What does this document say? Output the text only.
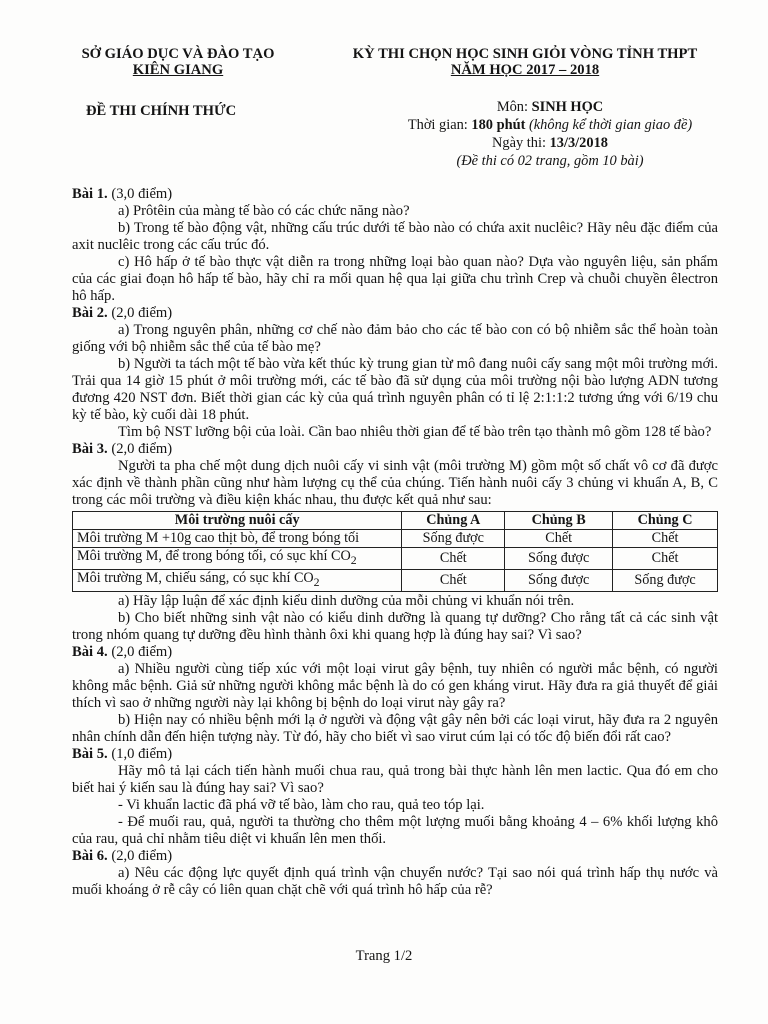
SỞ GIÁO DỤC VÀ ĐÀO TẠO
KIÊN GIANG
KỲ THI CHỌN HỌC SINH GIỎI VÒNG TỈNH THPT
NĂM HỌC 2017 – 2018
ĐỀ THI CHÍNH THỨC	Môn: SINH HỌC
Thời gian: 180 phút (không kể thời gian giao đề)
Ngày thi: 13/3/2018
(Đề thi có 02 trang, gồm 10 bài)

Bài 1. (3,0 điểm)

a) Prôtêin của màng tế bào có các chức năng nào?

b) Trong tế bào động vật, những cấu trúc dưới tế bào nào có chứa axit nuclêic? Hãy nêu đặc điểm của axit nuclêic trong các cấu trúc đó.

c) Hô hấp ở tế bào thực vật diễn ra trong những loại bào quan nào? Dựa vào nguyên liệu, sản phẩm của các giai đoạn hô hấp tế bào, hãy chỉ ra mối quan hệ qua lại giữa chu trình Crep và chuỗi chuyền êlectron hô hấp.

Bài 2. (2,0 điểm)

a) Trong nguyên phân, những cơ chế nào đảm bảo cho các tế bào con có bộ nhiễm sắc thể hoàn toàn giống với bộ nhiễm sắc thể của tế bào mẹ?

b) Người ta tách một tế bào vừa kết thúc kỳ trung gian từ mô đang nuôi cấy sang một môi trường mới. Trải qua 14 giờ 15 phút ở môi trường mới, các tế bào đã sử dụng của môi trường nội bào lượng ADN tương đương 420 NST đơn. Biết thời gian các kỳ của quá trình nguyên phân có tỉ lệ 2:1:1:2 tương ứng với 6/19 chu kỳ tế bào, kỳ cuối dài 18 phút.

Tìm bộ NST lưỡng bội của loài. Cần bao nhiêu thời gian để tế bào trên tạo thành mô gồm 128 tế bào?

Bài 3. (2,0 điểm)

Người ta pha chế một dung dịch nuôi cấy vi sinh vật (môi trường M) gồm một số chất vô cơ đã được xác định về thành phần cũng như hàm lượng cụ thể của chúng. Tiến hành nuôi cấy 3 chủng vi khuẩn A, B, C trong các môi trường và điều kiện khác nhau, thu được kết quả như sau:

Môi trường nuôi cấy	Chủng A	Chủng B	Chủng C
Môi trường M +10g cao thịt bò, để trong bóng tối	Sống được	Chết	Chết
Môi trường M, để trong bóng tối, có sục khí $CO_2$	Chết	Sống được	Chết
Môi trường M, chiếu sáng, có sục khí $CO_2$	Chết	Sống được	Sống được

a) Hãy lập luận để xác định kiểu dinh dưỡng của mỗi chủng vi khuẩn nói trên.

b) Cho biết những sinh vật nào có kiểu dinh dưỡng là quang tự dưỡng? Cho rằng tất cả các sinh vật trong nhóm quang tự dưỡng đều hình thành ôxi khi quang hợp là đúng hay sai? Vì sao?

Bài 4. (2,0 điểm)

a) Nhiều người cùng tiếp xúc với một loại virut gây bệnh, tuy nhiên có người mắc bệnh, có người không mắc bệnh. Giả sử những người không mắc bệnh là do có gen kháng virut. Hãy đưa ra giả thuyết để giải thích vì sao ở những người này lại không bị bệnh do loại virut này gây ra?

b) Hiện nay có nhiều bệnh mới lạ ở người và động vật gây nên bởi các loại virut, hãy đưa ra 2 nguyên nhân chính dẫn đến hiện tượng này. Từ đó, hãy cho biết vì sao virut cúm lại có tốc độ biến đổi rất cao?

Bài 5. (1,0 điểm)

Hãy mô tả lại cách tiến hành muối chua rau, quả trong bài thực hành lên men lactic. Qua đó em cho biết hai ý kiến sau là đúng hay sai? Vì sao?

- Vi khuẩn lactic đã phá vỡ tế bào, làm cho rau, quả teo tóp lại.

- Để muối rau, quả, người ta thường cho thêm một lượng muối bằng khoảng 4 – 6% khối lượng khô của rau, quả chỉ nhằm tiêu diệt vi khuẩn lên men thối.

Bài 6. (2,0 điểm)

a) Nêu các động lực quyết định quá trình vận chuyển nước? Tại sao nói quá trình hấp thụ nước và muối khoáng ở rễ cây có liên quan chặt chẽ với quá trình hô hấp của rễ?

Trang 1/2
